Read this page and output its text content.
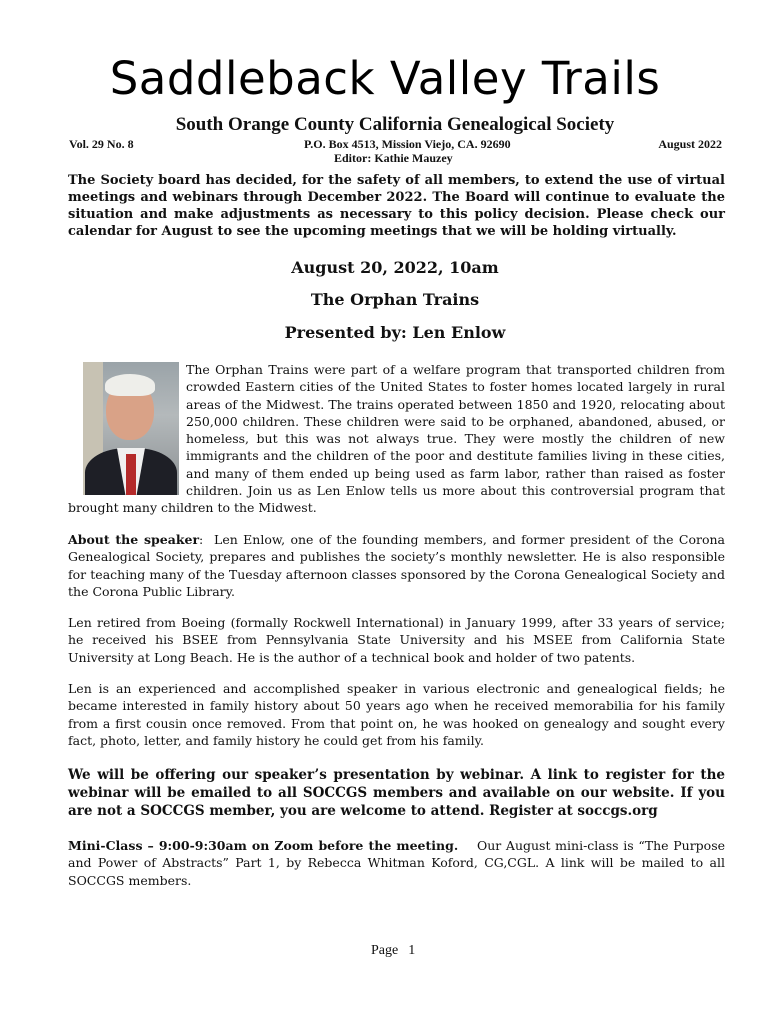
Saddleback Valley Trails
South Orange County California Genealogical Society
Vol. 29 No. 8	P.O. Box 4513, Mission Viejo, CA. 92690	August 2022
Editor: Kathie Mauzey
The Society board has decided, for the safety of all members, to extend the use of virtual meetings and webinars through December 2022. The Board will continue to evaluate the situation and make adjustments as necessary to this policy decision. Please check our calendar for August to see the upcoming meetings that we will be holding virtually.
August 20, 2022, 10am
The Orphan Trains
Presented by: Len Enlow
The Orphan Trains were part of a welfare program that transported children from crowded Eastern cities of the United States to foster homes located largely in rural areas of the Midwest. The trains operated between 1850 and 1920, relocating about 250,000 children. These children were said to be orphaned, abandoned, abused, or homeless, but this was not always true. They were mostly the children of new immigrants and the children of the poor and destitute families living in these cities, and many of them ended up being used as farm labor, rather than raised as foster children. Join us as Len Enlow tells us more about this controversial program that brought many children to the Midwest.
About the speaker:  Len Enlow, one of the founding members, and former president of the Corona Genealogical Society, prepares and publishes the society’s monthly newsletter. He is also responsible for teaching many of the Tuesday afternoon classes sponsored by the Corona Genealogical Society and the Corona Public Library.
Len retired from Boeing (formally Rockwell International) in January 1999, after 33 years of service; he received his BSEE from Pennsylvania State University and his MSEE from California State University at Long Beach. He is the author of a technical book and holder of two patents.
Len is an experienced and accomplished speaker in various electronic and genealogical fields; he became interested in family history about 50 years ago when he received memorabilia for his family from a first cousin once removed. From that point on, he was hooked on genealogy and sought every fact, photo, letter, and family history he could get from his family.
We will be offering our speaker’s presentation by webinar. A link to register for the webinar will be emailed to all SOCCGS members and available on our website. If you are not a SOCCGS member, you are welcome to attend. Register at soccgs.org
Mini-Class – 9:00-9:30am on Zoom before the meeting. Our August mini-class is “The Purpose and Power of Abstracts” Part 1, by Rebecca Whitman Koford, CG,CGL. A link will be mailed to all SOCCGS members.
Page 1
